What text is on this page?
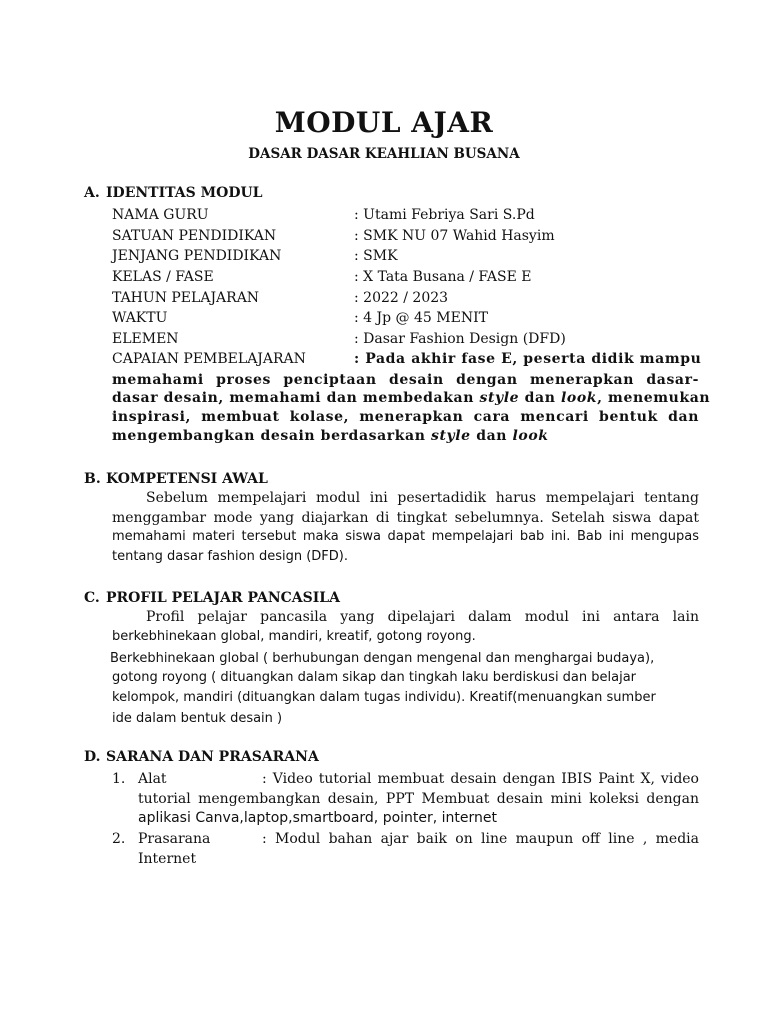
MODUL AJAR
DASAR DASAR KEAHLIAN BUSANA
A. IDENTITAS MODUL
NAMA GURU	: Utami Febriya Sari S.Pd
SATUAN PENDIDIKAN	: SMK NU 07 Wahid Hasyim
JENJANG PENDIDIKAN	: SMK
KELAS / FASE	: X Tata Busana / FASE E
TAHUN PELAJARAN	: 2022 / 2023
WAKTU	: 4 Jp @ 45 MENIT
ELEMEN	: Dasar Fashion Design (DFD)
CAPAIAN PEMBELAJARAN	: Pada akhir fase E, peserta didik mampu
memahami proses penciptaan desain dengan menerapkan dasar-
dasar desain, memahami dan membedakan style dan look, menemukan
inspirasi, membuat kolase, menerapkan cara mencari bentuk dan
mengembangkan desain berdasarkan style dan look
B. KOMPETENSI AWAL
Sebelum mempelajari modul ini pesertadidik harus mempelajari tentang
menggambar mode yang diajarkan di tingkat sebelumnya. Setelah siswa dapat
memahami materi tersebut maka siswa dapat mempelajari bab ini. Bab ini mengupas
tentang dasar fashion design (DFD).
C. PROFIL PELAJAR PANCASILA
Profil pelajar pancasila yang dipelajari dalam modul ini antara lain
berkebhinekaan global, mandiri, kreatif, gotong royong.
Berkebhinekaan global ( berhubungan dengan mengenal dan menghargai budaya),
gotong royong ( dituangkan dalam sikap dan tingkah laku berdiskusi dan belajar
kelompok, mandiri (dituangkan dalam tugas individu). Kreatif(menuangkan sumber
ide dalam bentuk desain )
D. SARANA DAN PRASARANA
1. Alat	: Video tutorial membuat desain dengan IBIS Paint X, video
tutorial mengembangkan desain, PPT Membuat desain mini koleksi dengan
aplikasi Canva,laptop,smartboard, pointer, internet
2. Prasarana	: Modul bahan ajar baik on line maupun off line , media
Internet
